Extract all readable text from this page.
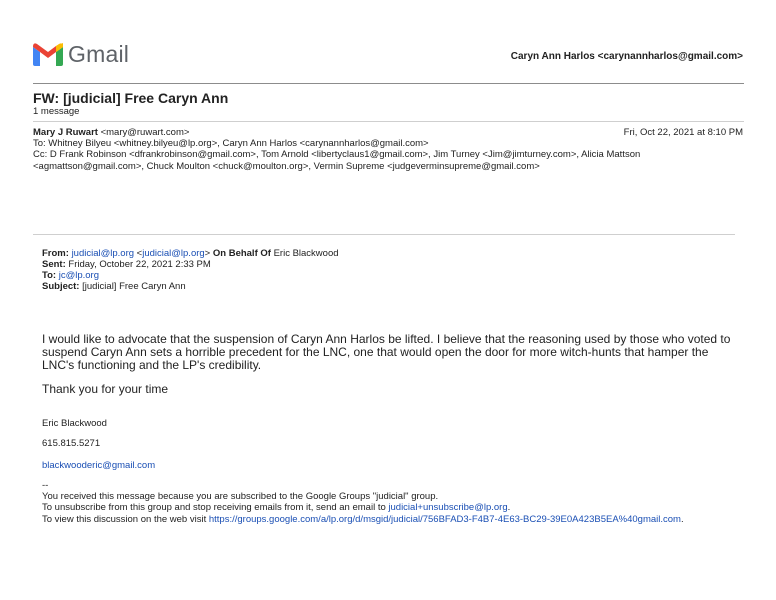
Gmail	Caryn Ann Harlos <carynannharlos@gmail.com>
FW: [judicial] Free Caryn Ann
1 message
Mary J Ruwart <mary@ruwart.com>	Fri, Oct 22, 2021 at 8:10 PM
To: Whitney Bilyeu <whitney.bilyeu@lp.org>, Caryn Ann Harlos <carynannharlos@gmail.com>
Cc: D Frank Robinson <dfrankrobinson@gmail.com>, Tom Arnold <libertyclaus1@gmail.com>, Jim Turney <Jim@jimturney.com>, Alicia Mattson <agmattson@gmail.com>, Chuck Moulton <chuck@moulton.org>, Vermin Supreme <judgeverminsupreme@gmail.com>
From: judicial@lp.org <judicial@lp.org> On Behalf Of Eric Blackwood
Sent: Friday, October 22, 2021 2:33 PM
To: jc@lp.org
Subject: [judicial] Free Caryn Ann
I would like to advocate that the suspension of Caryn Ann Harlos be lifted. I believe that the reasoning used by those who voted to suspend Caryn Ann sets a horrible precedent for the LNC, one that would open the door for more witch-hunts that hamper the LNC's functioning and the LP's credibility.
Thank you for your time
Eric Blackwood
615.815.5271
blackwooderic@gmail.com
--
You received this message because you are subscribed to the Google Groups "judicial" group.
To unsubscribe from this group and stop receiving emails from it, send an email to judicial+unsubscribe@lp.org.
To view this discussion on the web visit https://groups.google.com/a/lp.org/d/msgid/judicial/756BFAD3-F4B7-4E63-BC29-39E0A423B5EA%40gmail.com.
